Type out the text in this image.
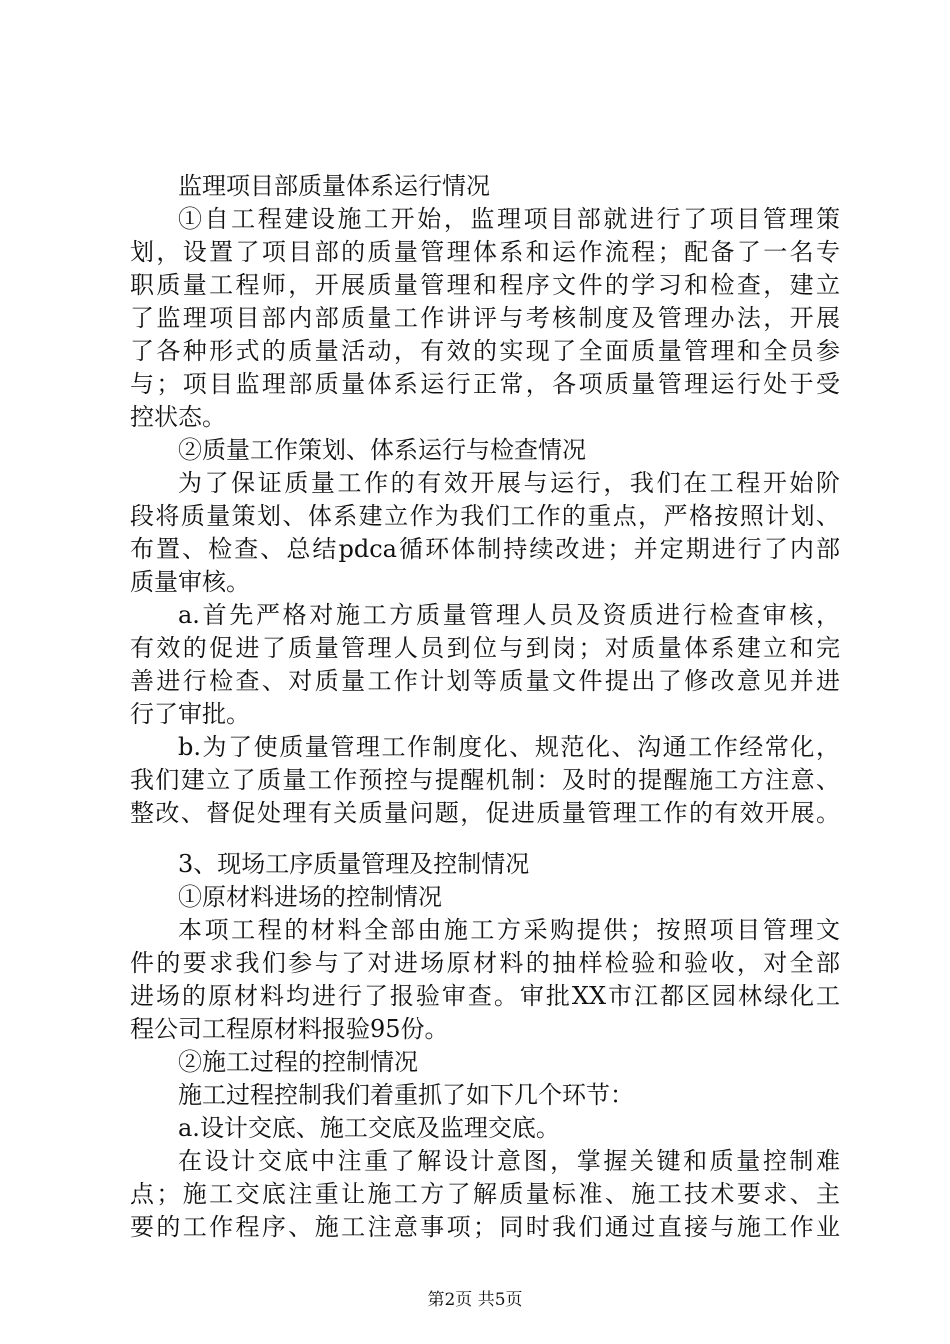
监理项目部质量体系运行情况
①自工程建设施工开始，监理项目部就进行了项目管理策
划，设置了项目部的质量管理体系和运作流程；配备了一名专
职质量工程师，开展质量管理和程序文件的学习和检查，建立
了监理项目部内部质量工作讲评与考核制度及管理办法，开展
了各种形式的质量活动，有效的实现了全面质量管理和全员参
与；项目监理部质量体系运行正常，各项质量管理运行处于受
控状态。
②质量工作策划、体系运行与检查情况
为了保证质量工作的有效开展与运行，我们在工程开始阶
段将质量策划、体系建立作为我们工作的重点，严格按照计划、
布置、检查、总结pdca循环体制持续改进；并定期进行了内部
质量审核。
a.首先严格对施工方质量管理人员及资质进行检查审核，
有效的促进了质量管理人员到位与到岗；对质量体系建立和完
善进行检查、对质量工作计划等质量文件提出了修改意见并进
行了审批。
b.为了使质量管理工作制度化、规范化、沟通工作经常化，
我们建立了质量工作预控与提醒机制：及时的提醒施工方注意、
整改、督促处理有关质量问题，促进质量管理工作的有效开展。
3、现场工序质量管理及控制情况
①原材料进场的控制情况
本项工程的材料全部由施工方采购提供；按照项目管理文
件的要求我们参与了对进场原材料的抽样检验和验收，对全部
进场的原材料均进行了报验审查。审批XX市江都区园林绿化工
程公司工程原材料报验95份。
②施工过程的控制情况
施工过程控制我们着重抓了如下几个环节：
a.设计交底、施工交底及监理交底。
在设计交底中注重了解设计意图，掌握关键和质量控制难
点；施工交底注重让施工方了解质量标准、施工技术要求、主
要的工作程序、施工注意事项；同时我们通过直接与施工作业
第2页 共5页
